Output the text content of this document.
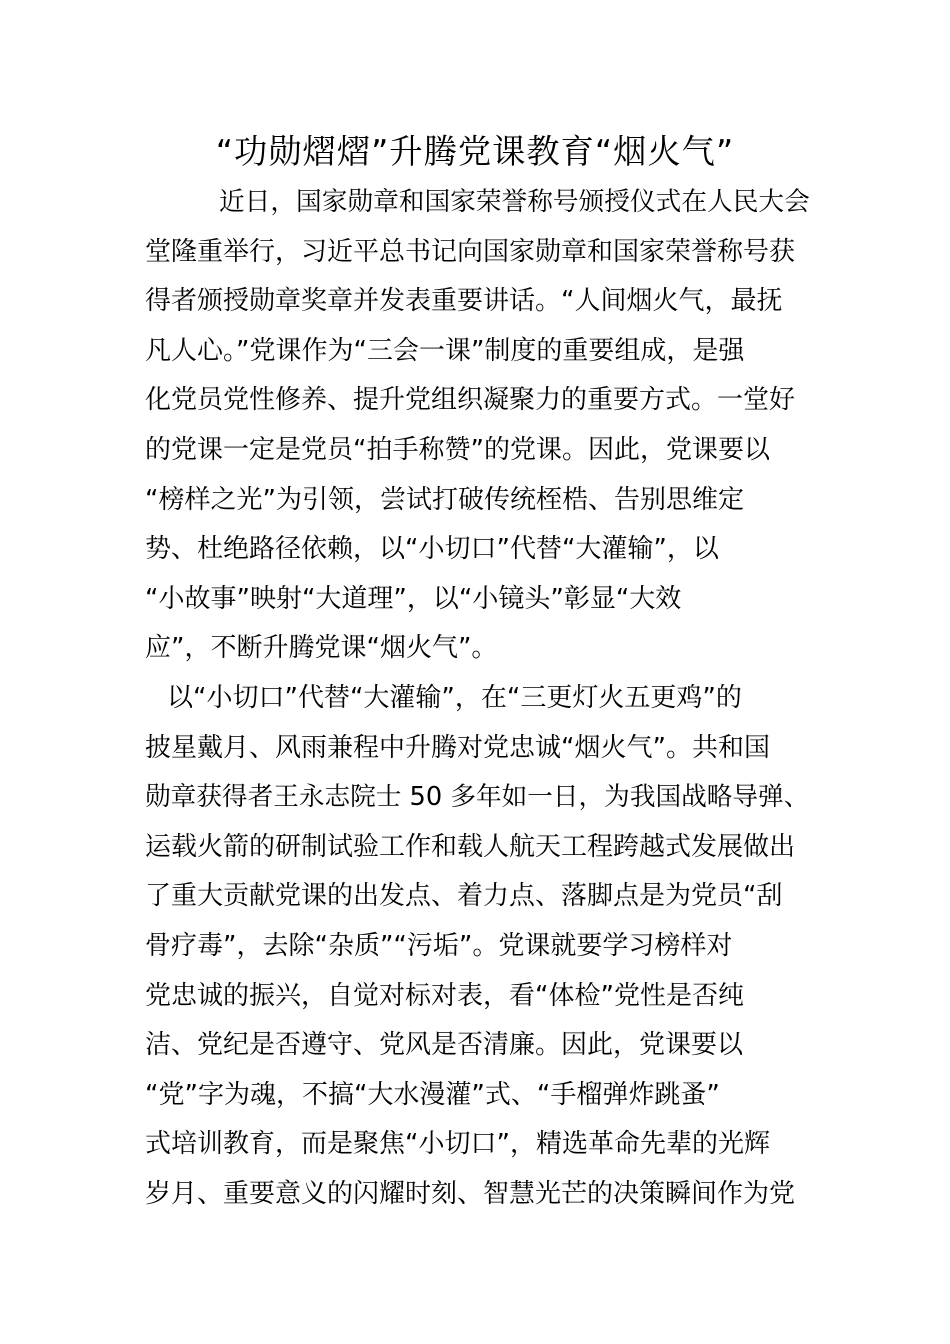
“功勋熠熠”升腾党课教育“烟火气”
近日，国家勋章和国家荣誉称号颁授仪式在人民大会
堂隆重举行，习近平总书记向国家勋章和国家荣誉称号获
得者颁授勋章奖章并发表重要讲话。“人间烟火气，最抚
凡人心。”党课作为“三会一课”制度的重要组成，是强
化党员党性修养、提升党组织凝聚力的重要方式。一堂好
的党课一定是党员“拍手称赞”的党课。因此，党课要以
“榜样之光”为引领，尝试打破传统桎梏、告别思维定
势、杜绝路径依赖，以“小切口”代替“大灌输”，以
“小故事”映射“大道理”，以“小镜头”彰显“大效
应”，不断升腾党课“烟火气”。
以“小切口”代替“大灌输”，在“三更灯火五更鸡”的
披星戴月、风雨兼程中升腾对党忠诚“烟火气”。共和国
勋章获得者王永志院士 50 多年如一日，为我国战略导弹、
运载火箭的研制试验工作和载人航天工程跨越式发展做出
了重大贡献党课的出发点、着力点、落脚点是为党员“刮
骨疗毒”，去除“杂质”“污垢”。党课就要学习榜样对
党忠诚的振兴，自觉对标对表，看“体检”党性是否纯
洁、党纪是否遵守、党风是否清廉。因此，党课要以
“党”字为魂，不搞“大水漫灌”式、“手榴弹炸跳蚤”
式培训教育，而是聚焦“小切口”，精选革命先辈的光辉
岁月、重要意义的闪耀时刻、智慧光芒的决策瞬间作为党
